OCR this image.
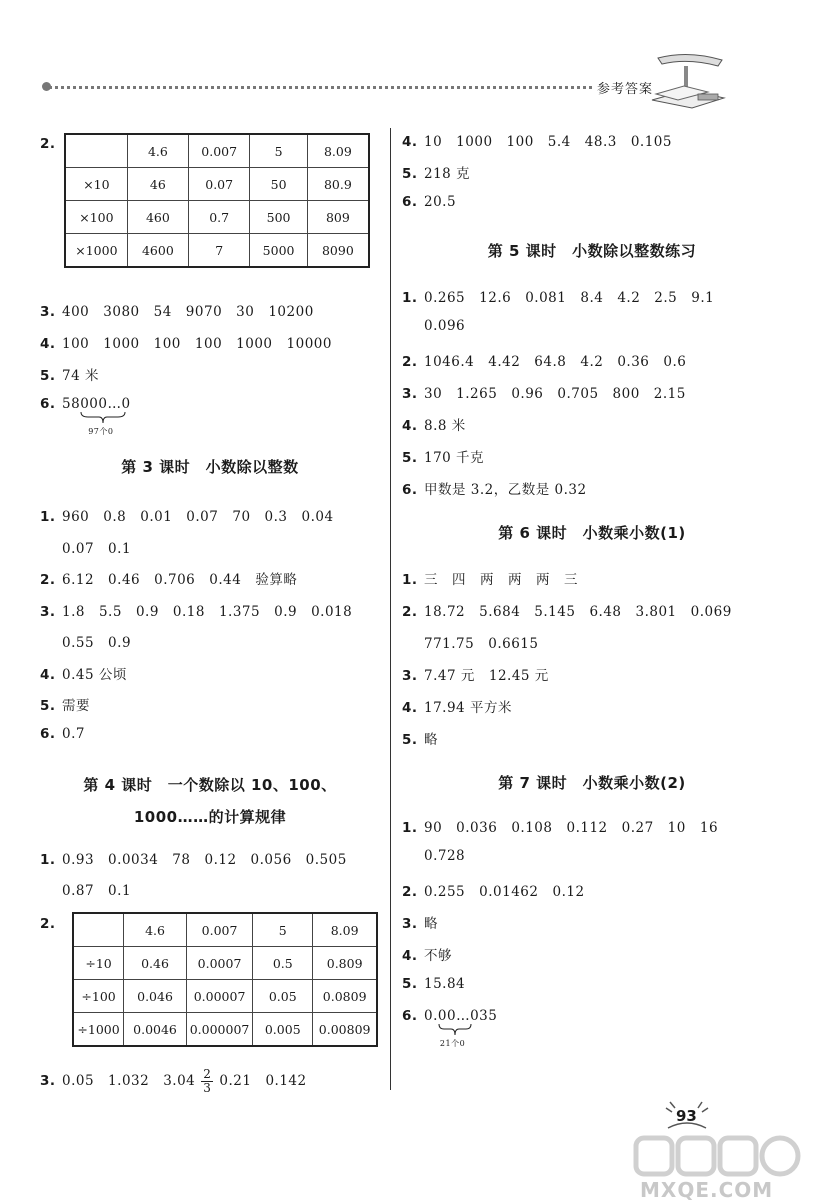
参考答案
2.
		4.6	0.007	5	8.09
×10	46	0.07	50	80.9
×100	460	0.7	500	809
×1000	4600	7	5000	8090
3. 400　3080　54　9070　30　10200
4. 100　1000　100　100　1000　10000
5. 74 米
6. 58000…0
97个0
第 3 课时　小数除以整数
1. 960　0.8　0.01　0.07　70　0.3　0.04
0.07　0.1
2. 6.12　0.46　0.706　0.44　验算略
3. 1.8　5.5　0.9　0.18　1.375　0.9　0.018
0.55　0.9
4. 0.45 公顷
5. 需要
6. 0.7
第 4 课时　一个数除以 10、100、
1000……的计算规律
1. 0.93　0.0034　78　0.12　0.056　0.505
0.87　0.1
2.
		4.6	0.007	5	8.09
÷10	0.46	0.0007	0.5	0.809
÷100	0.046	0.00007	0.05	0.0809
÷1000	0.0046	0.000007	0.005	0.00809
3. 0.05　1.032　$3.04 \frac{2}{3} 0.21$　0.142
4. 10　1000　100　5.4　48.3　0.105
5. 218 克
6. 20.5
第 5 课时　小数除以整数练习
1. 0.265　12.6　0.081　8.4　4.2　2.5　9.1
0.096
2. 1046.4　4.42　64.8　4.2　0.36　0.6
3. 30　1.265　0.96　0.705　800　2.15
4. 8.8 米
5. 170 千克
6. 甲数是 3.2，乙数是 0.32
第 6 课时　小数乘小数(1)
1. 三　四　两　两　两　三
2. 18.72　5.684　5.145　6.48　3.801　0.069
771.75　0.6615
3. 7.47 元　12.45 元
4. 17.94 平方米
5. 略
第 7 课时　小数乘小数(2)
1. 90　0.036　0.108　0.112　0.27　10　16
0.728
2. 0.255　0.01462　0.12
3. 略
4. 不够
5. 15.84
6. 0.00…
21个0
035
93
MXQE.COM
